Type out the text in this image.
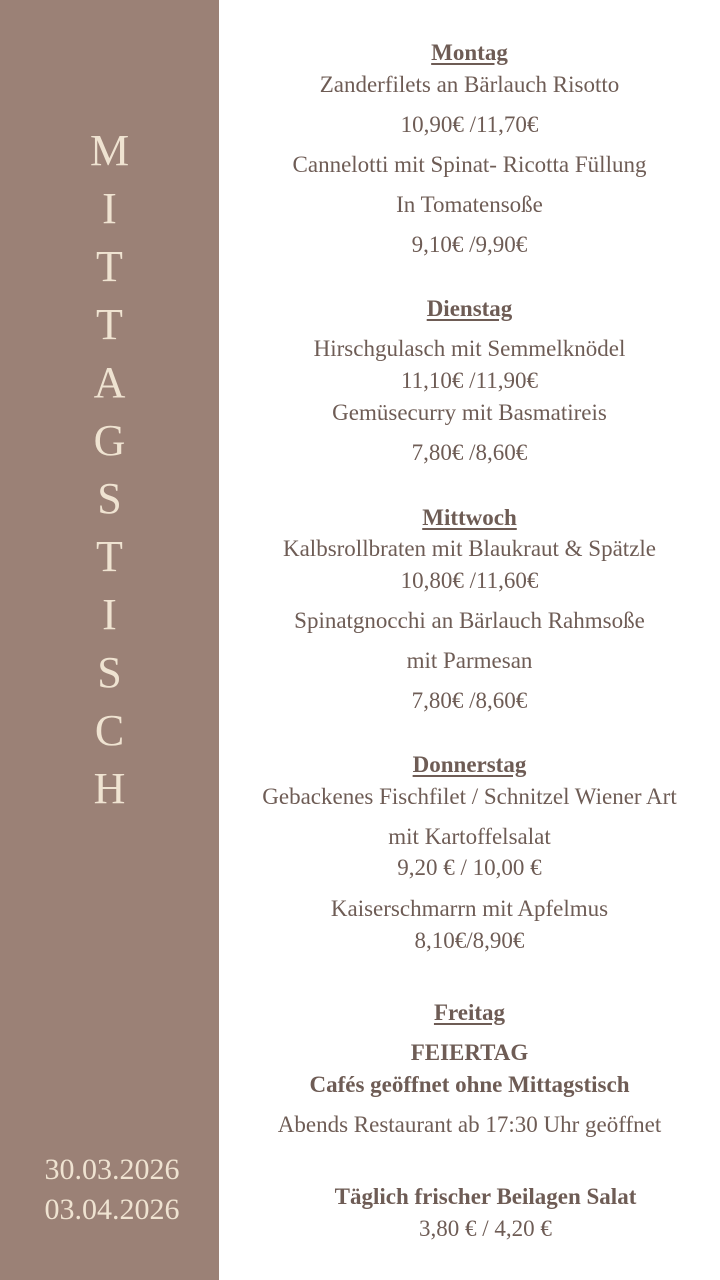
M
I
T
T
A
G
S
T
I
S
C
H
30.03.2026
03.04.2026
Montag
Zanderfilets an Bärlauch Risotto
10,90€ /11,70€
Cannelotti mit Spinat- Ricotta Füllung
In Tomatensoße
9,10€ /9,90€
Dienstag
Hirschgulasch mit Semmelknödel
11,10€ /11,90€
Gemüsecurry mit Basmatireis
7,80€ /8,60€
Mittwoch
Kalbsrollbraten mit Blaukraut & Spätzle
10,80€ /11,60€
Spinatgnocchi an Bärlauch Rahmsoße
mit Parmesan
7,80€ /8,60€
Donnerstag
Gebackenes Fischfilet / Schnitzel Wiener Art
mit Kartoffelsalat
9,20 € / 10,00 €
Kaiserschmarrn mit Apfelmus
8,10€/8,90€
Freitag
FEIERTAG
Cafés geöffnet ohne Mittagstisch
Abends Restaurant ab 17:30 Uhr geöffnet
Täglich frischer Beilagen Salat
3,80 € / 4,20 €
